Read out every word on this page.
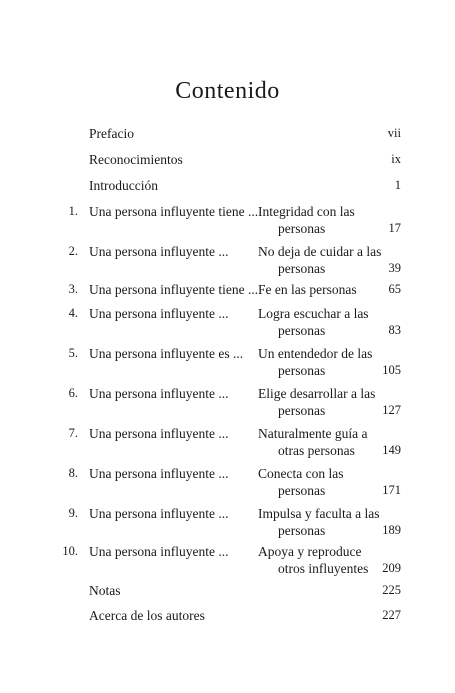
Contenido
Prefacio	vii
Reconocimientos	ix
Introducción	1
1. Una persona influyente tiene ... Integridad con las
personas	17
2. Una persona influyente ... No deja de cuidar a las
personas	39
3. Una persona influyente tiene ... Fe en las personas	65
4. Una persona influyente ... Logra escuchar a las
personas	83
5. Una persona influyente es ... Un entendedor de las
personas	105
6. Una persona influyente ... Elige desarrollar a las
personas	127
7. Una persona influyente ... Naturalmente guía a
otras personas	149
8. Una persona influyente ... Conecta con las
personas	171
9. Una persona influyente ... Impulsa y faculta a las
personas	189
10. Una persona influyente ... Apoya y reproduce
otros influyentes	209
Notas	225
Acerca de los autores	227
